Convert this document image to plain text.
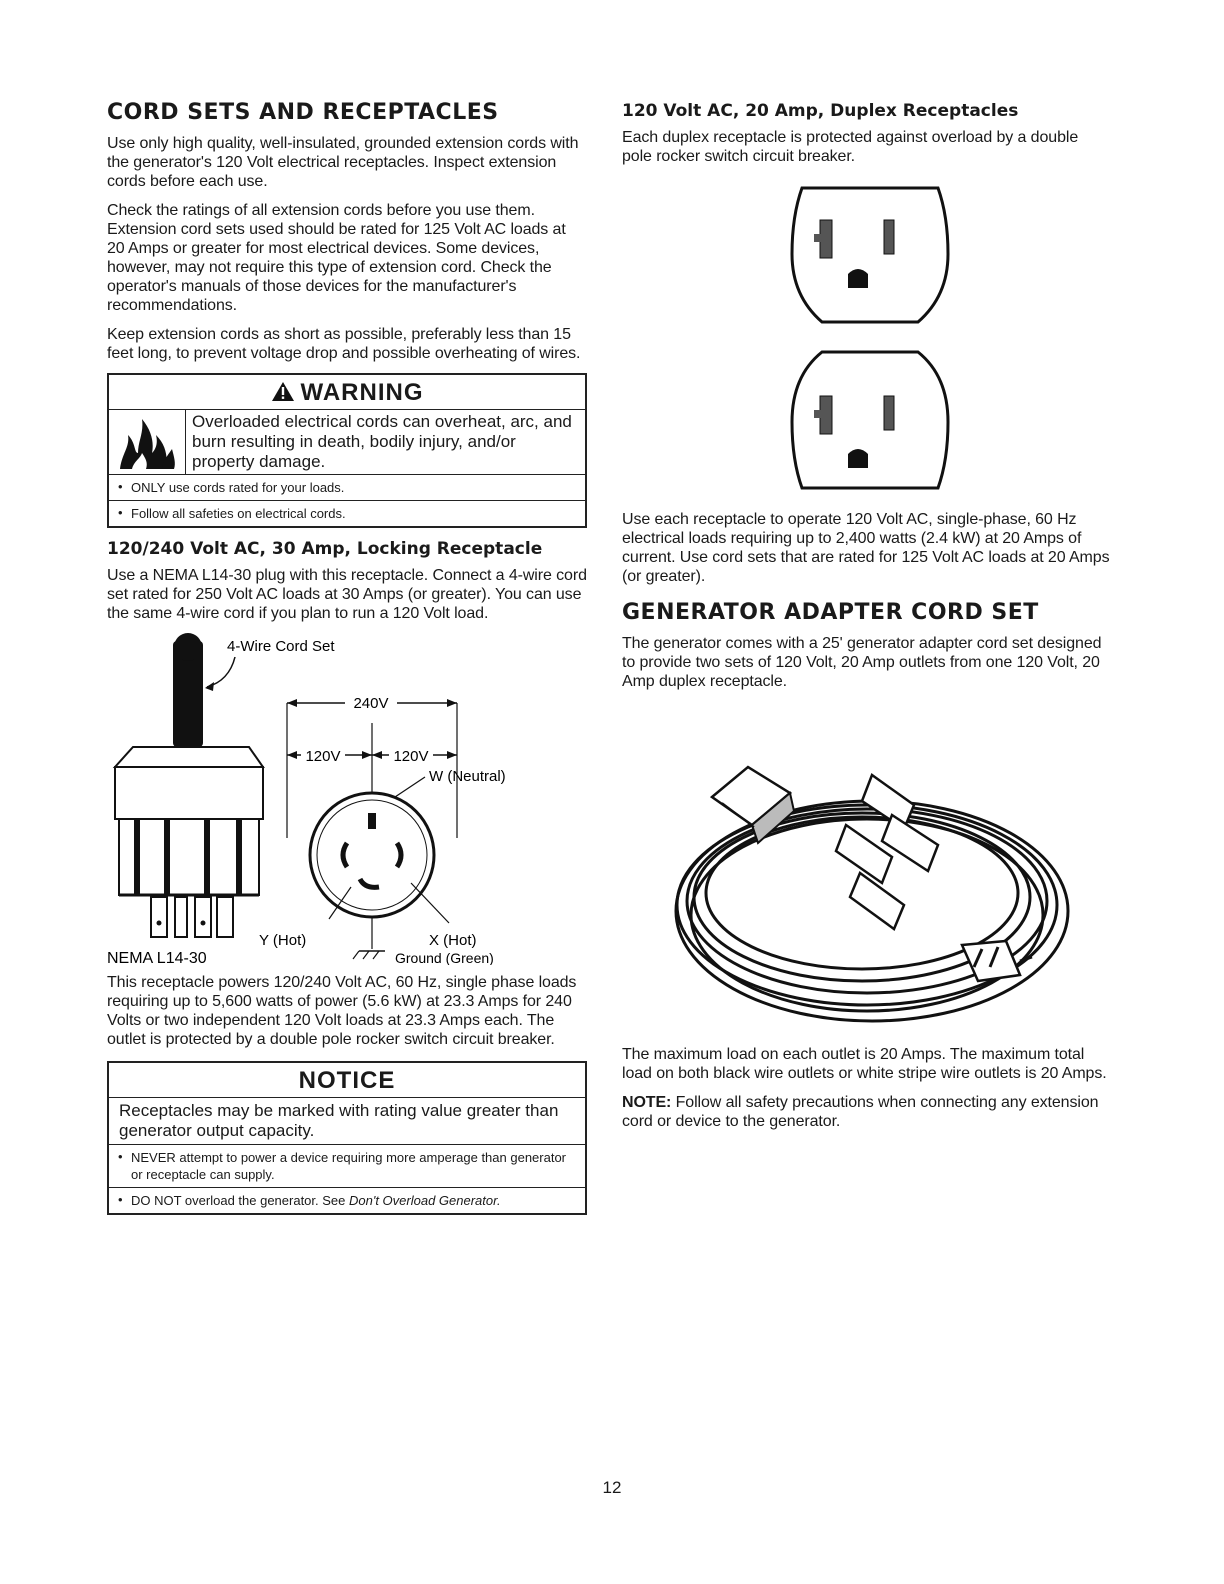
CORD SETS AND RECEPTACLES

Use only high quality, well-insulated, grounded extension cords with the generator's 120 Volt electrical receptacles. Inspect extension cords before each use.

Check the ratings of all extension cords before you use them. Extension cord sets used should be rated for 125 Volt AC loads at 20 Amps or greater for most electrical devices. Some devices, however, may not require this type of extension cord. Check the operator's manuals of those devices for the manufacturer's recommendations.

Keep extension cords as short as possible, preferably less than 15 feet long, to prevent voltage drop and possible overheating of wires.

WARNING
Overloaded electrical cords can overheat, arc, and burn resulting in death, bodily injury, and/or property damage.
• ONLY use cords rated for your loads.
• Follow all safeties on electrical cords.
120/240 Volt AC, 30 Amp, Locking Receptacle

Use a NEMA L14-30 plug with this receptacle. Connect a 4-wire cord set rated for 250 Volt AC loads at 30 Amps (or greater). You can use the same 4-wire cord if you plan to run a 120 Volt load.

4-Wire Cord Set
240V
120V	120V
W (Neutral)
Y (Hot)	X (Hot)
Ground (Green)
NEMA L14-30

This receptacle powers 120/240 Volt AC, 60 Hz, single phase loads requiring up to 5,600 watts of power (5.6 kW) at 23.3 Amps for 240 Volts or two independent 120 Volt loads at 23.3 Amps each. The outlet is protected by a double pole rocker switch circuit breaker.

NOTICE
Receptacles may be marked with rating value greater than generator output capacity.
• NEVER attempt to power a device requiring more amperage than generator or receptacle can supply.
• DO NOT overload the generator. See Don't Overload Generator.
120 Volt AC, 20 Amp, Duplex Receptacles

Each duplex receptacle is protected against overload by a double pole rocker switch circuit breaker.

Use each receptacle to operate 120 Volt AC, single-phase, 60 Hz electrical loads requiring up to 2,400 watts (2.4 kW) at 20 Amps of current. Use cord sets that are rated for 125 Volt AC loads at 20 Amps (or greater).

GENERATOR ADAPTER CORD SET

The generator comes with a 25' generator adapter cord set designed to provide two sets of 120 Volt, 20 Amp outlets from one 120 Volt, 20 Amp duplex receptacle.

The maximum load on each outlet is 20 Amps. The maximum total load on both black wire outlets or white stripe wire outlets is 20 Amps.

NOTE: Follow all safety precautions when connecting any extension cord or device to the generator.

12
